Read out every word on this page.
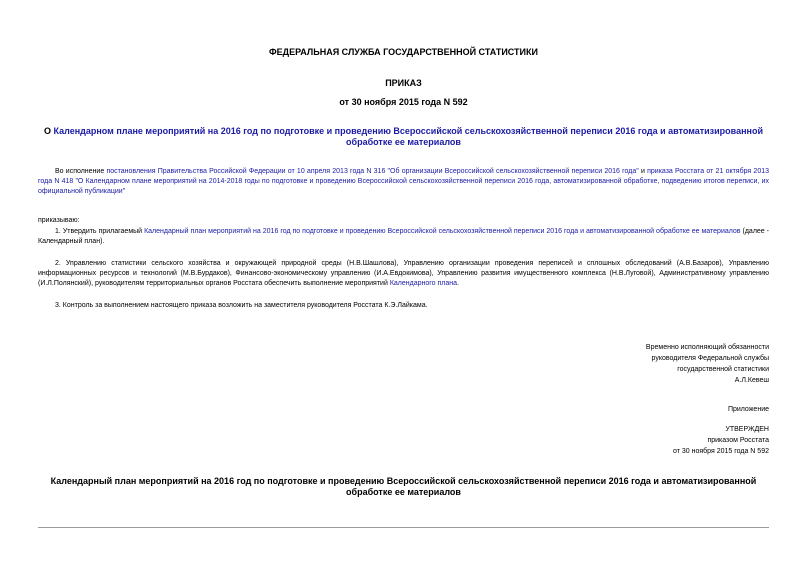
ФЕДЕРАЛЬНАЯ СЛУЖБА ГОСУДАРСТВЕННОЙ СТАТИСТИКИ
ПРИКАЗ
от 30 ноября 2015 года N 592
О Календарном плане мероприятий на 2016 год по подготовке и проведению Всероссийской сельскохозяйственной переписи 2016 года и автоматизированной обработке ее материалов
Во исполнение постановления Правительства Российской Федерации от 10 апреля 2013 года N 316 "Об организации Всероссийской сельскохозяйственной переписи 2016 года" и приказа Росстата от 21 октября 2013 года N 418 "О Календарном плане мероприятий на 2014-2018 годы по подготовке и проведению Всероссийской сельскохозяйственной переписи 2016 года, автоматизированной обработке, подведению итогов переписи, их официальной публикации"
приказываю:
1. Утвердить прилагаемый Календарный план мероприятий на 2016 год по подготовке и проведению Всероссийской сельскохозяйственной переписи 2016 года и автоматизированной обработке ее материалов (далее - Календарный план).
2. Управлению статистики сельского хозяйства и окружающей природной среды (Н.В.Шашлова), Управлению организации проведения переписей и сплошных обследований (А.В.Базаров), Управлению информационных ресурсов и технологий (М.В.Бурдаков), Финансово-экономическому управлению (И.А.Евдокимова), Управлению развития имущественного комплекса (Н.В.Луговой), Административному управлению (И.Л.Полянский), руководителям территориальных органов Росстата обеспечить выполнение мероприятий Календарного плана.
3. Контроль за выполнением настоящего приказа возложить на заместителя руководителя Росстата К.Э.Лайкама.
Временно исполняющий обязанности
руководителя Федеральной службы
государственной статистики
А.Л.Кевеш
Приложение
УТВЕРЖДЕН
приказом Росстата
от 30 ноября 2015 года N 592
Календарный план мероприятий на 2016 год по подготовке и проведению Всероссийской сельскохозяйственной переписи 2016 года и автоматизированной обработке ее материалов
